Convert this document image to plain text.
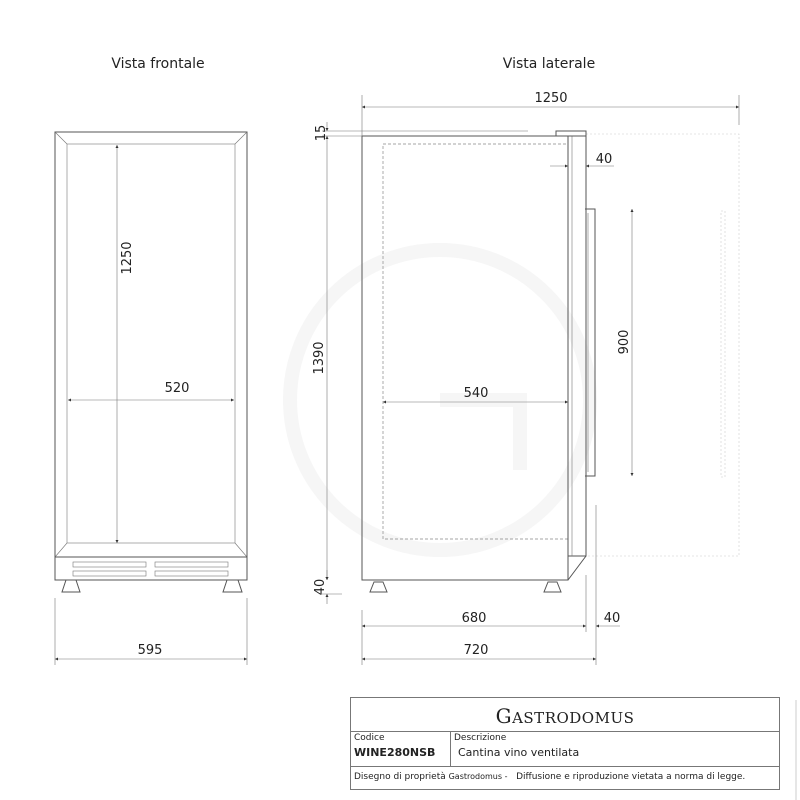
Vista frontale	Vista laterale
1250
520
595
1250
15
1390
40
40
900
540
680	40
720
GASTRODOMUS
Codice
WINE280NSB
Descrizione
Cantina vino ventilata
Disegno di proprietà Gastrodomus - Diffusione e riproduzione vietata a norma di legge.
